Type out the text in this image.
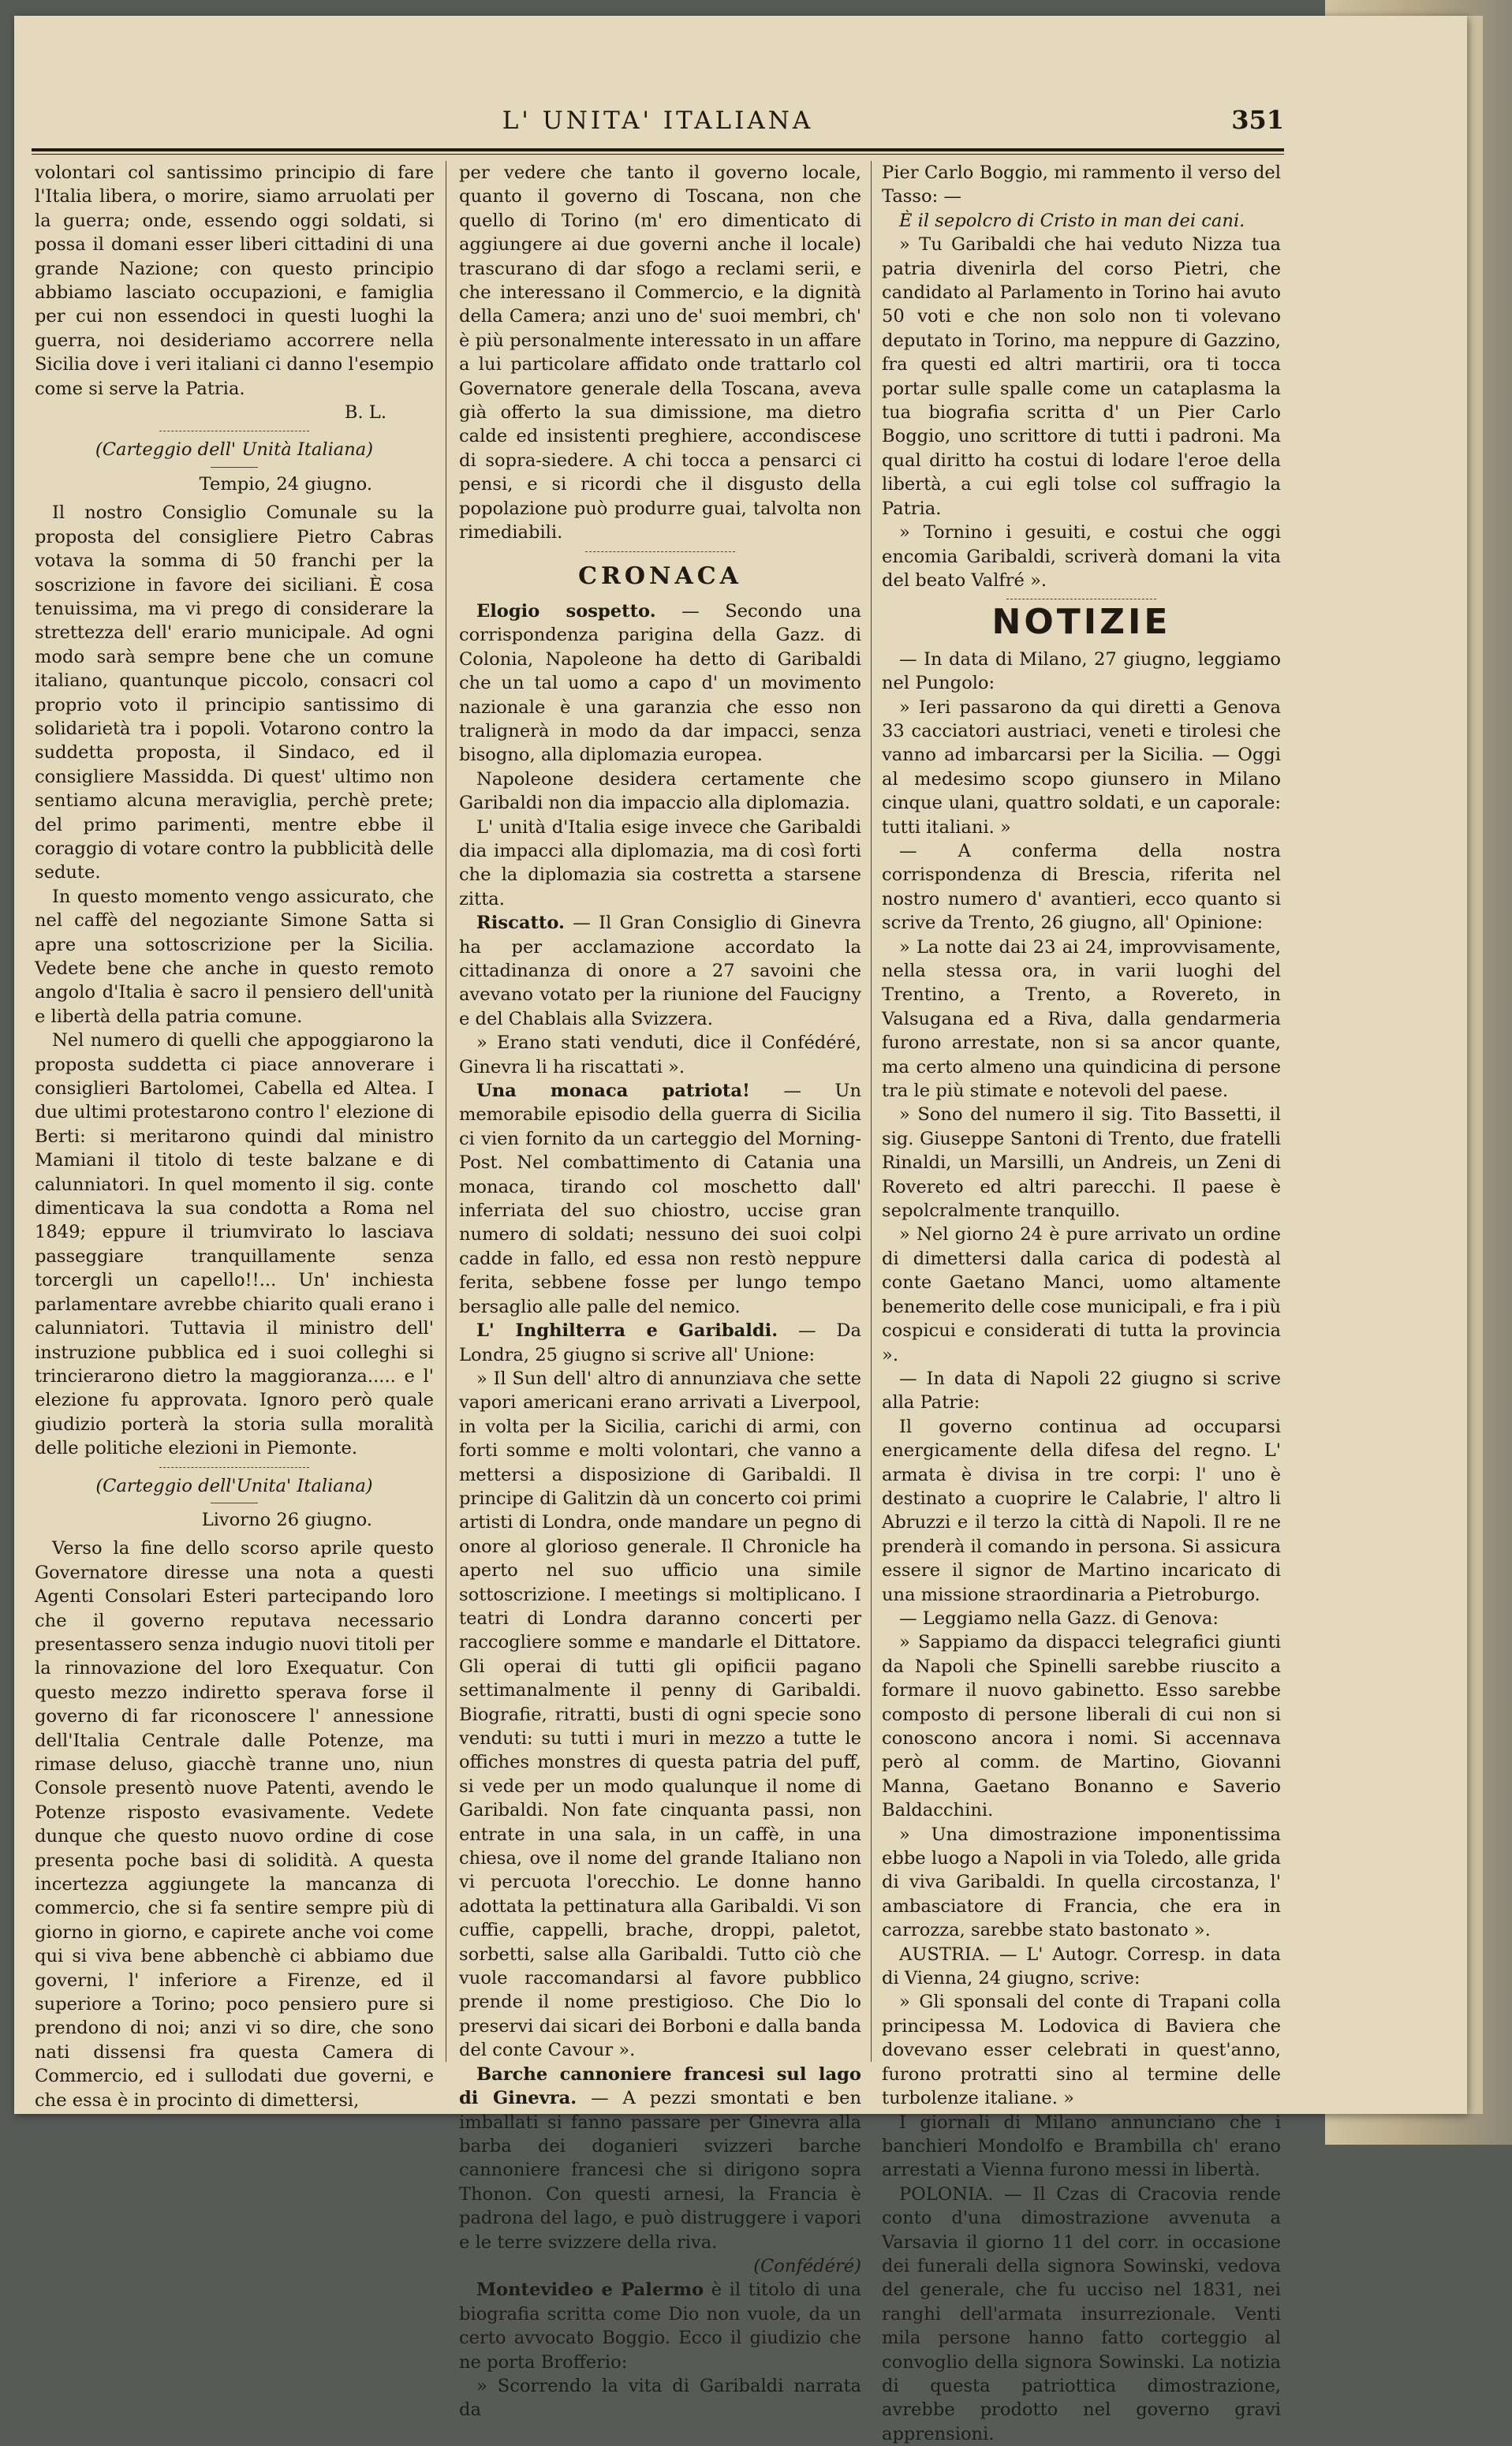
L' UNITA' ITALIANA	351

volontari col santissimo principio di fare l'Italia libera, o morire, siamo arruolati per la guerra; onde, essendo oggi soldati, si possa il domani esser liberi cittadini di una grande Nazione; con questo principio abbiamo lasciato occupazioni, e famiglia per cui non essendoci in questi luoghi la guerra, noi desideriamo accorrere nella Sicilia dove i veri italiani ci danno l'esempio come si serve la Patria.

B. L.

(Carteggio dell' Unità Italiana)

Tempio, 24 giugno.

Il nostro Consiglio Comunale su la proposta del consigliere Pietro Cabras votava la somma di 50 franchi per la soscrizione in favore dei siciliani. È cosa tenuissima, ma vi prego di considerare la strettezza dell' erario municipale. Ad ogni modo sarà sempre bene che un comune italiano, quantunque piccolo, consacri col proprio voto il principio santissimo di solidarietà tra i popoli. Votarono contro la suddetta proposta, il Sindaco, ed il consigliere Massidda. Di quest' ultimo non sentiamo alcuna meraviglia, perchè prete; del primo parimenti, mentre ebbe il coraggio di votare contro la pubblicità delle sedute.

In questo momento vengo assicurato, che nel caffè del negoziante Simone Satta si apre una sottoscrizione per la Sicilia. Vedete bene che anche in questo remoto angolo d'Italia è sacro il pensiero dell'unità e libertà della patria comune.

Nel numero di quelli che appoggiarono la proposta suddetta ci piace annoverare i consiglieri Bartolomei, Cabella ed Altea. I due ultimi protestarono contro l' elezione di Berti: si meritarono quindi dal ministro Mamiani il titolo di teste balzane e di calunniatori. In quel momento il sig. conte dimenticava la sua condotta a Roma nel 1849; eppure il triumvirato lo lasciava passeggiare tranquillamente senza torcergli un capello!!... Un' inchiesta parlamentare avrebbe chiarito quali erano i calunniatori. Tuttavia il ministro dell' instruzione pubblica ed i suoi colleghi si trincierarono dietro la maggioranza..... e l' elezione fu approvata. Ignoro però quale giudizio porterà la storia sulla moralità delle politiche elezioni in Piemonte.

(Carteggio dell'Unita' Italiana)

Livorno 26 giugno.

Verso la fine dello scorso aprile questo Governatore diresse una nota a questi Agenti Consolari Esteri partecipando loro che il governo reputava necessario presentassero senza indugio nuovi titoli per la rinnovazione del loro Exequatur. Con questo mezzo indiretto sperava forse il governo di far riconoscere l' annessione dell'Italia Centrale dalle Potenze, ma rimase deluso, giacchè tranne uno, niun Console presentò nuove Patenti, avendo le Potenze risposto evasivamente. Vedete dunque che questo nuovo ordine di cose presenta poche basi di solidità. A questa incertezza aggiungete la mancanza di commercio, che si fa sentire sempre più di giorno in giorno, e capirete anche voi come qui si viva bene abbenchè ci abbiamo due governi, l' inferiore a Firenze, ed il superiore a Torino; poco pensiero pure si prendono di noi; anzi vi so dire, che sono nati dissensi fra questa Camera di Commercio, ed i sullodati due governi, e che essa è in procinto di dimettersi,

per vedere che tanto il governo locale, quanto il governo di Toscana, non che quello di Torino (m' ero dimenticato di aggiungere ai due governi anche il locale) trascurano di dar sfogo a reclami serii, e che interessano il Commercio, e la dignità della Camera; anzi uno de' suoi membri, ch' è più personalmente interessato in un affare a lui particolare affidato onde trattarlo col Governatore generale della Toscana, aveva già offerto la sua dimissione, ma dietro calde ed insistenti preghiere, accondiscese di sopra-siedere. A chi tocca a pensarci ci pensi, e si ricordi che il disgusto della popolazione può produrre guai, talvolta non rimediabili.

CRONACA

Elogio sospetto. — Secondo una corrispondenza parigina della Gazz. di Colonia, Napoleone ha detto di Garibaldi che un tal uomo a capo d' un movimento nazionale è una garanzia che esso non tralignerà in modo da dar impacci, senza bisogno, alla diplomazia europea.

Napoleone desidera certamente che Garibaldi non dia impaccio alla diplomazia.

L' unità d'Italia esige invece che Garibaldi dia impacci alla diplomazia, ma di così forti che la diplomazia sia costretta a starsene zitta.

Riscatto. — Il Gran Consiglio di Ginevra ha per acclamazione accordato la cittadinanza di onore a 27 savoini che avevano votato per la riunione del Faucigny e del Chablais alla Svizzera.

» Erano stati venduti, dice il Confédéré, Ginevra li ha riscattati ».

Una monaca patriota! — Un memorabile episodio della guerra di Sicilia ci vien fornito da un carteggio del Morning-Post. Nel combattimento di Catania una monaca, tirando col moschetto dall' inferriata del suo chiostro, uccise gran numero di soldati; nessuno dei suoi colpi cadde in fallo, ed essa non restò neppure ferita, sebbene fosse per lungo tempo bersaglio alle palle del nemico.

L' Inghilterra e Garibaldi. — Da Londra, 25 giugno si scrive all' Unione:

» Il Sun dell' altro di annunziava che sette vapori americani erano arrivati a Liverpool, in volta per la Sicilia, carichi di armi, con forti somme e molti volontari, che vanno a mettersi a disposizione di Garibaldi. Il principe di Galitzin dà un concerto coi primi artisti di Londra, onde mandare un pegno di onore al glorioso generale. Il Chronicle ha aperto nel suo ufficio una simile sottoscrizione. I meetings si moltiplicano. I teatri di Londra daranno concerti per raccogliere somme e mandarle el Dittatore. Gli operai di tutti gli opificii pagano settimanalmente il penny di Garibaldi. Biografie, ritratti, busti di ogni specie sono venduti: su tutti i muri in mezzo a tutte le offiches monstres di questa patria del puff, si vede per un modo qualunque il nome di Garibaldi. Non fate cinquanta passi, non entrate in una sala, in un caffè, in una chiesa, ove il nome del grande Italiano non vi percuota l'orecchio. Le donne hanno adottata la pettinatura alla Garibaldi. Vi son cuffie, cappelli, brache, droppi, paletot, sorbetti, salse alla Garibaldi. Tutto ciò che vuole raccomandarsi al favore pubblico prende il nome prestigioso. Che Dio lo preservi dai sicari dei Borboni e dalla banda del conte Cavour ».

Barche cannoniere francesi sul lago di Ginevra. — A pezzi smontati e ben imballati si fanno passare per Ginevra alla barba dei doganieri svizzeri barche cannoniere francesi che si dirigono sopra Thonon. Con questi arnesi, la Francia è padrona del lago, e può distruggere i vapori e le terre svizzere della riva.

(Confédéré)

Montevideo e Palermo è il titolo di una biografia scritta come Dio non vuole, da un certo avvocato Boggio. Ecco il giudizio che ne porta Brofferio:

» Scorrendo la vita di Garibaldi narrata da

Pier Carlo Boggio, mi rammento il verso del Tasso: —

È il sepolcro di Cristo in man dei cani.

» Tu Garibaldi che hai veduto Nizza tua patria divenirla del corso Pietri, che candidato al Parlamento in Torino hai avuto 50 voti e che non solo non ti volevano deputato in Torino, ma neppure di Gazzino, fra questi ed altri martirii, ora ti tocca portar sulle spalle come un cataplasma la tua biografia scritta d' un Pier Carlo Boggio, uno scrittore di tutti i padroni. Ma qual diritto ha costui di lodare l'eroe della libertà, a cui egli tolse col suffragio la Patria.

» Tornino i gesuiti, e costui che oggi encomia Garibaldi, scriverà domani la vita del beato Valfré ».

NOTIZIE

— In data di Milano, 27 giugno, leggiamo nel Pungolo:

» Ieri passarono da qui diretti a Genova 33 cacciatori austriaci, veneti e tirolesi che vanno ad imbarcarsi per la Sicilia. — Oggi al medesimo scopo giunsero in Milano cinque ulani, quattro soldati, e un caporale: tutti italiani. »

— A conferma della nostra corrispondenza di Brescia, riferita nel nostro numero d' avantieri, ecco quanto si scrive da Trento, 26 giugno, all' Opinione:

» La notte dai 23 ai 24, improvvisamente, nella stessa ora, in varii luoghi del Trentino, a Trento, a Rovereto, in Valsugana ed a Riva, dalla gendarmeria furono arrestate, non si sa ancor quante, ma certo almeno una quindicina di persone tra le più stimate e notevoli del paese.

» Sono del numero il sig. Tito Bassetti, il sig. Giuseppe Santoni di Trento, due fratelli Rinaldi, un Marsilli, un Andreis, un Zeni di Rovereto ed altri parecchi. Il paese è sepolcralmente tranquillo.

» Nel giorno 24 è pure arrivato un ordine di dimettersi dalla carica di podestà al conte Gaetano Manci, uomo altamente benemerito delle cose municipali, e fra i più cospicui e considerati di tutta la provincia ».

— In data di Napoli 22 giugno si scrive alla Patrie:

Il governo continua ad occuparsi energicamente della difesa del regno. L' armata è divisa in tre corpi: l' uno è destinato a cuoprire le Calabrie, l' altro li Abruzzi e il terzo la città di Napoli. Il re ne prenderà il comando in persona. Si assicura essere il signor de Martino incaricato di una missione straordinaria a Pietroburgo.

— Leggiamo nella Gazz. di Genova:

» Sappiamo da dispacci telegrafici giunti da Napoli che Spinelli sarebbe riuscito a formare il nuovo gabinetto. Esso sarebbe composto di persone liberali di cui non si conoscono ancora i nomi. Si accennava però al comm. de Martino, Giovanni Manna, Gaetano Bonanno e Saverio Baldacchini.

» Una dimostrazione imponentissima ebbe luogo a Napoli in via Toledo, alle grida di viva Garibaldi. In quella circostanza, l' ambasciatore di Francia, che era in carrozza, sarebbe stato bastonato ».

AUSTRIA. — L' Autogr. Corresp. in data di Vienna, 24 giugno, scrive:

» Gli sponsali del conte di Trapani colla principessa M. Lodovica di Baviera che dovevano esser celebrati in quest'anno, furono protratti sino al termine delle turbolenze italiane. »

I giornali di Milano annunciano che i banchieri Mondolfo e Brambilla ch' erano arrestati a Vienna furono messi in libertà.

POLONIA. — Il Czas di Cracovia rende conto d'una dimostrazione avvenuta a Varsavia il giorno 11 del corr. in occasione dei funerali della signora Sowinski, vedova del generale, che fu ucciso nel 1831, nei ranghi dell'armata insurrezionale. Venti mila persone hanno fatto corteggio al convoglio della signora Sowinski. La notizia di questa patriottica dimostrazione, avrebbe prodotto nel governo gravi apprensioni.
